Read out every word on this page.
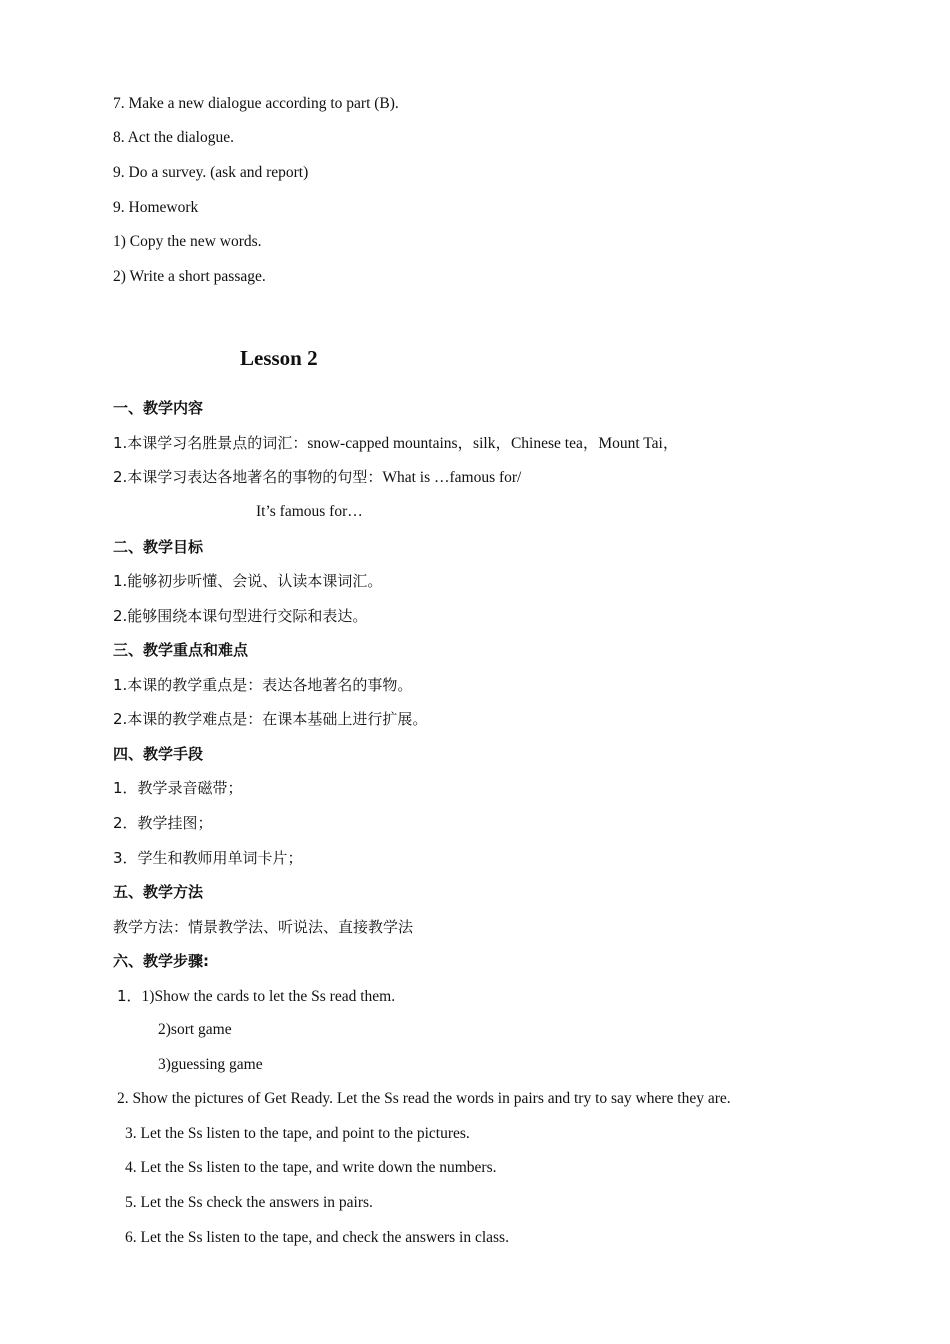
7. Make a new dialogue according to part (B).
8. Act the dialogue.
9. Do a survey. (ask and report)
9. Homework
1) Copy the new words.
2) Write a short passage.
Lesson 2
一、教学内容
1.本课学习名胜景点的词汇：snow-capped mountains，silk，Chinese tea，Mount Tai，
2.本课学习表达各地著名的事物的句型：What is …famous for/
It’s famous for…
二、教学目标
1.能够初步听懂、会说、认读本课词汇。
2.能够围绕本课句型进行交际和表达。
三、教学重点和难点
1.本课的教学重点是：表达各地著名的事物。
2.本课的教学难点是：在课本基础上进行扩展。
四、教学手段
1．教学录音磁带；
2．教学挂图；
3．学生和教师用单词卡片；
五、教学方法
教学方法：情景教学法、听说法、直接教学法
六、教学步骤:
1．1)Show the cards to let the Ss read them.
2)sort game
3)guessing game
2. Show the pictures of Get Ready. Let the Ss read the words in pairs and try to say where they are.
3. Let the Ss listen to the tape, and point to the pictures.
4. Let the Ss listen to the tape, and write down the numbers.
5. Let the Ss check the answers in pairs.
6. Let the Ss listen to the tape, and check the answers in class.
